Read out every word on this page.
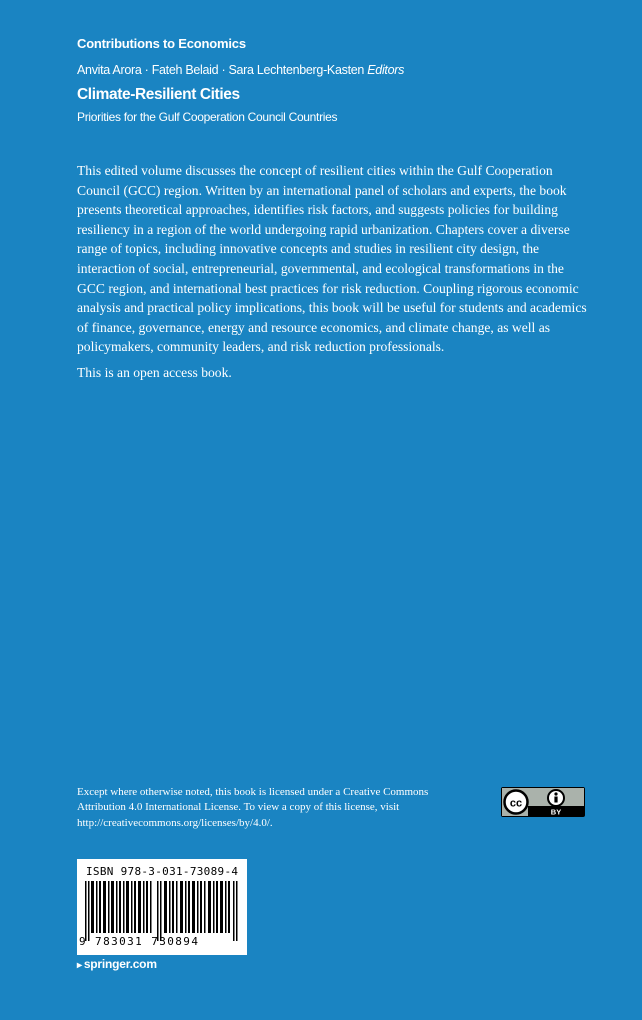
Contributions to Economics
Anvita Arora · Fateh Belaid · Sara Lechtenberg-Kasten Editors
Climate-Resilient Cities
Priorities for the Gulf Cooperation Council Countries

This edited volume discusses the concept of resilient cities within the Gulf Cooperation Council (GCC) region. Written by an international panel of scholars and experts, the book presents theoretical approaches, identifies risk factors, and suggests policies for building resiliency in a region of the world undergoing rapid urbanization. Chapters cover a diverse range of topics, including innovative concepts and studies in resilient city design, the interaction of social, entrepreneurial, governmental, and ecological transformations in the GCC region, and international best practices for risk reduction. Coupling rigorous economic analysis and practical policy implications, this book will be useful for students and academics of finance, governance, energy and resource economics, and climate change, as well as policymakers, community leaders, and risk reduction professionals.

This is an open access book.

Except where otherwise noted, this book is licensed under a Creative Commons Attribution 4.0 International License. To view a copy of this license, visit http://creativecommons.org/licenses/by/4.0/.

cc
BY
ISBN 978-3-031-73089-4
9 783031 730894
▸ springer.com
